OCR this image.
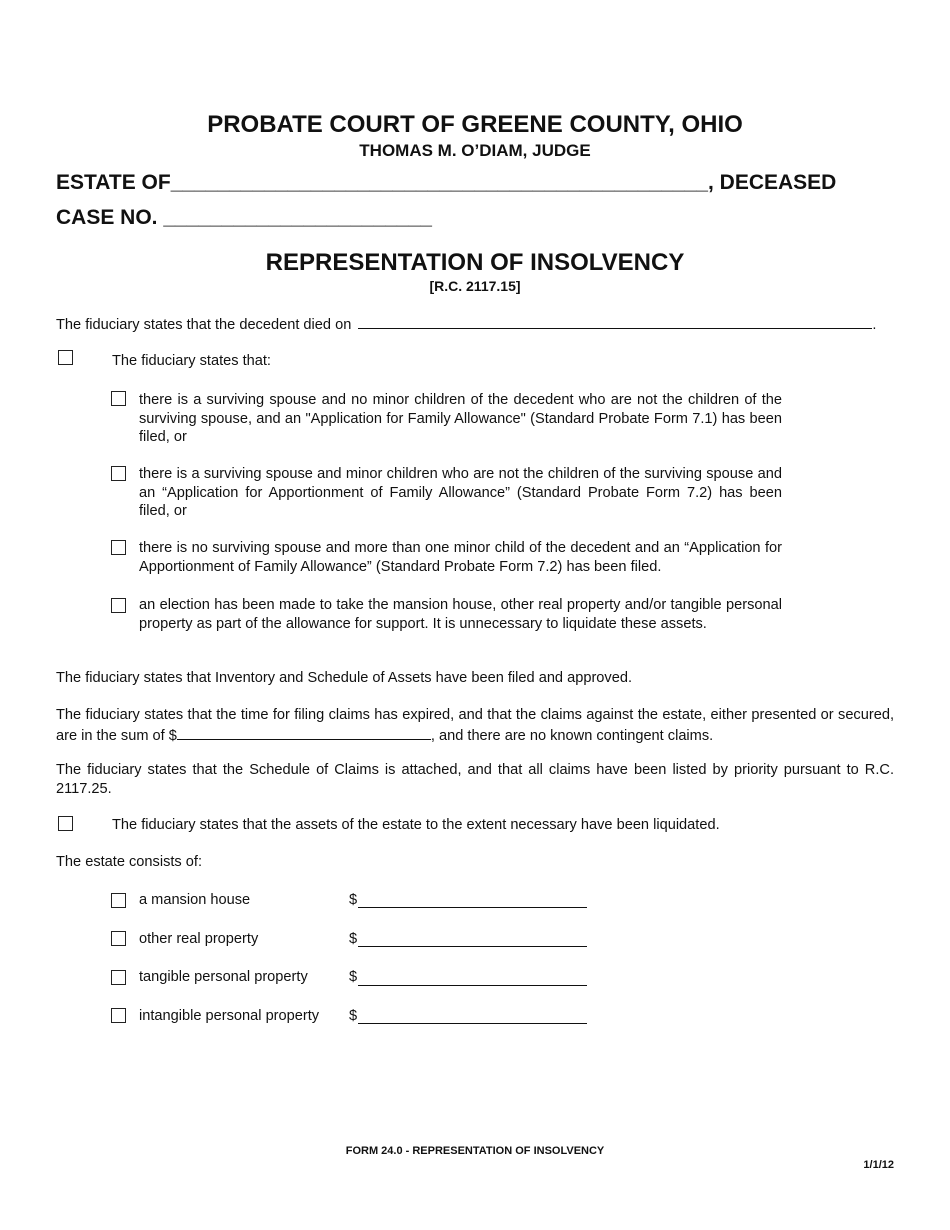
PROBATE COURT OF GREENE COUNTY, OHIO
THOMAS M. O’DIAM, JUDGE
ESTATE OF______________________________________________, DECEASED
CASE NO. _______________________
REPRESENTATION OF INSOLVENCY
[R.C. 2117.15]
The fiduciary states that the decedent died on	.
The fiduciary states that:
there is a surviving spouse and no minor children of the decedent who are not the children of the surviving spouse, and an "Application for Family Allowance" (Standard Probate Form 7.1) has been filed, or
there is a surviving spouse and minor children who are not the children of the surviving spouse and an “Application for Apportionment of Family Allowance” (Standard Probate Form 7.2) has been filed, or
there is no surviving spouse and more than one minor child of the decedent and an “Application for Apportionment of Family Allowance” (Standard Probate Form 7.2) has been filed.
an election has been made to take the mansion house, other real property and/or tangible personal property as part of the allowance for support. It is unnecessary to liquidate these assets.
The fiduciary states that Inventory and Schedule of Assets have been filed and approved.
The fiduciary states that the time for filing claims has expired, and that the claims against the estate, either presented or secured, are in the sum of $	, and there are no known contingent claims.
The fiduciary states that the Schedule of Claims is attached, and that all claims have been listed by priority pursuant to R.C. 2117.25.
The fiduciary states that the assets of the estate to the extent necessary have been liquidated.
The estate consists of:
a mansion house	$
other real property	$
tangible personal property	$
intangible personal property $
FORM 24.0 - REPRESENTATION OF INSOLVENCY
1/1/12
